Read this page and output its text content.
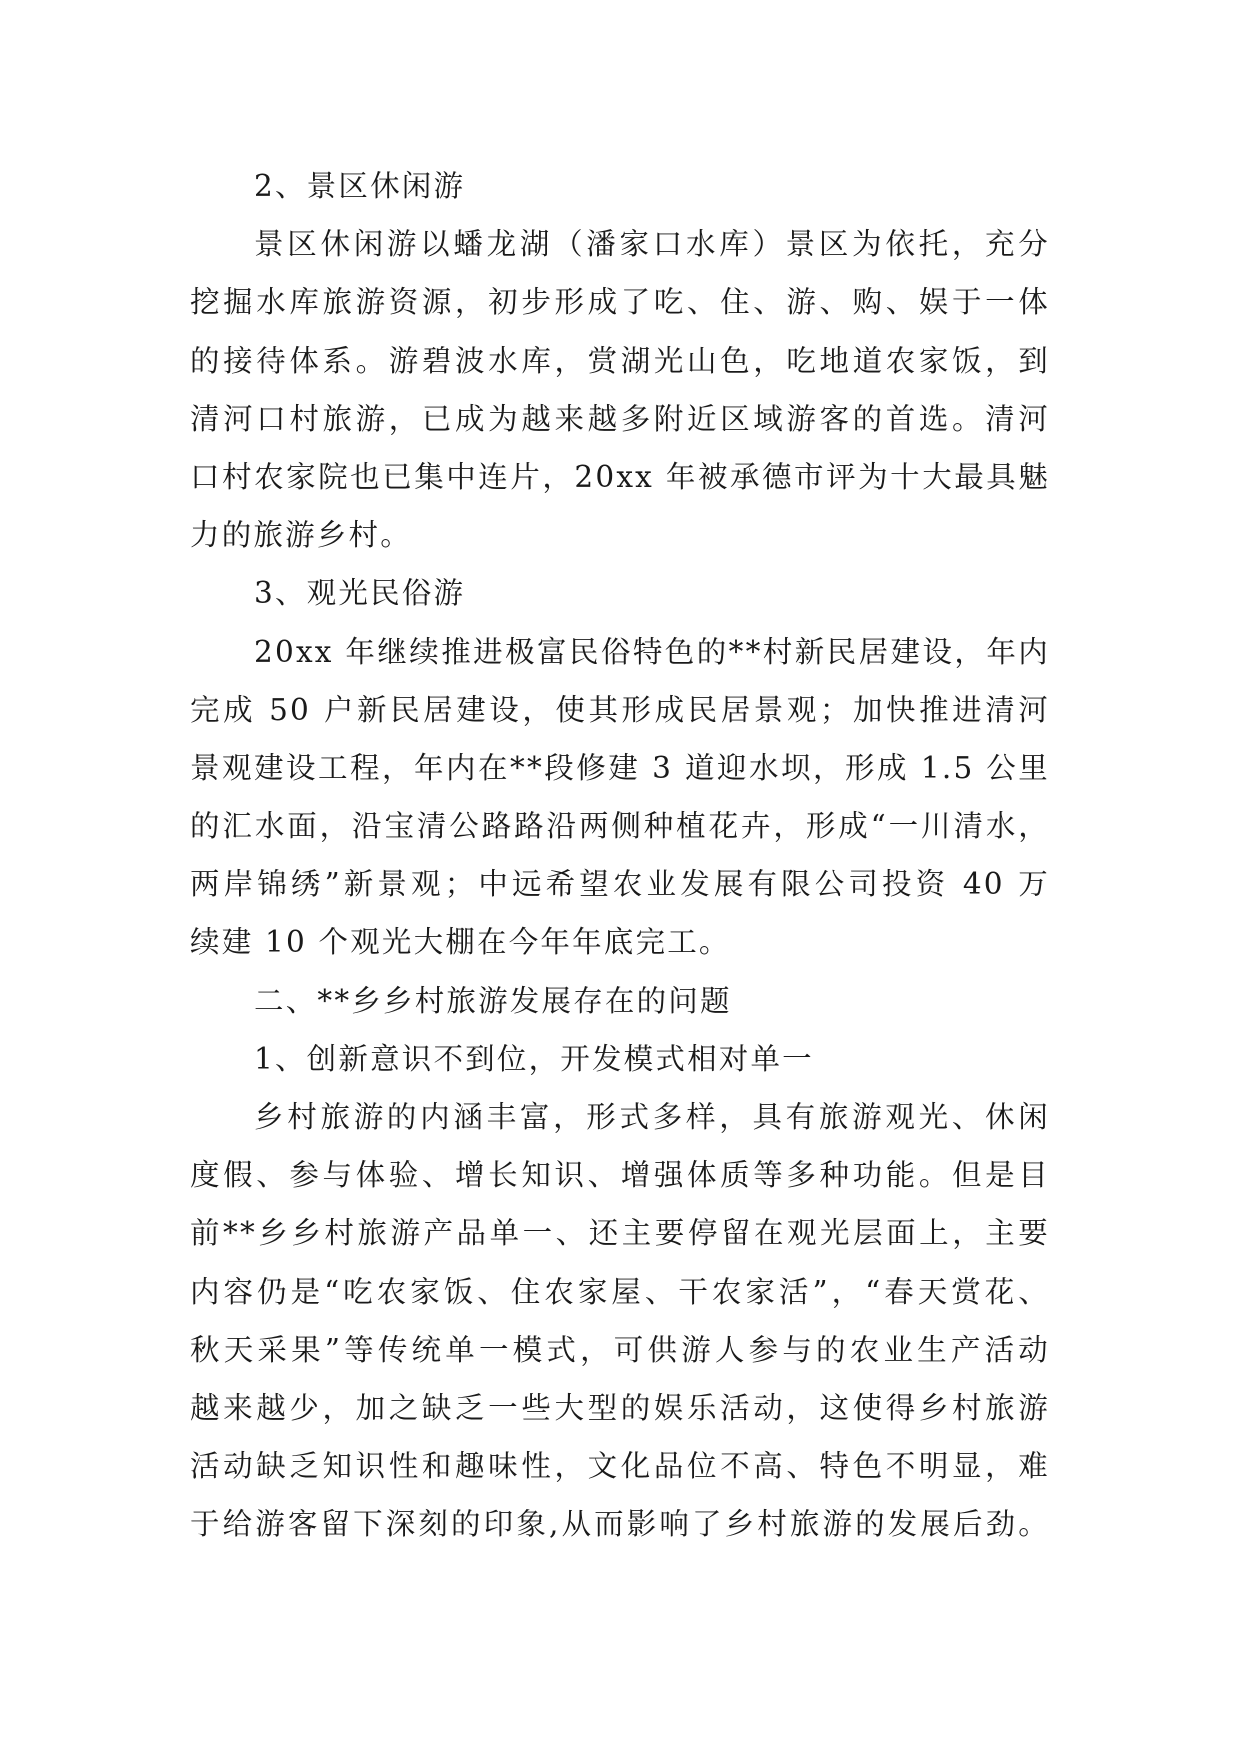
2、景区休闲游
景区休闲游以蟠龙湖（潘家口水库）景区为依托，充分
挖掘水库旅游资源，初步形成了吃、住、游、购、娱于一体
的接待体系。游碧波水库，赏湖光山色，吃地道农家饭，到
清河口村旅游，已成为越来越多附近区域游客的首选。清河
口村农家院也已集中连片，20xx 年被承德市评为十大最具魅
力的旅游乡村。
3、观光民俗游
20xx 年继续推进极富民俗特色的**村新民居建设，年内
完成 50 户新民居建设，使其形成民居景观；加快推进清河
景观建设工程，年内在**段修建 3 道迎水坝，形成 1.5 公里
的汇水面，沿宝清公路路沿两侧种植花卉，形成“一川清水，
两岸锦绣”新景观；中远希望农业发展有限公司投资 40 万
续建 10 个观光大棚在今年年底完工。
二、**乡乡村旅游发展存在的问题
1、创新意识不到位，开发模式相对单一
乡村旅游的内涵丰富，形式多样，具有旅游观光、休闲
度假、参与体验、增长知识、增强体质等多种功能。但是目
前**乡乡村旅游产品单一、还主要停留在观光层面上，主要
内容仍是“吃农家饭、住农家屋、干农家活”，“春天赏花、
秋天采果”等传统单一模式，可供游人参与的农业生产活动
越来越少，加之缺乏一些大型的娱乐活动，这使得乡村旅游
活动缺乏知识性和趣味性，文化品位不高、特色不明显，难
于给游客留下深刻的印象,从而影响了乡村旅游的发展后劲。
